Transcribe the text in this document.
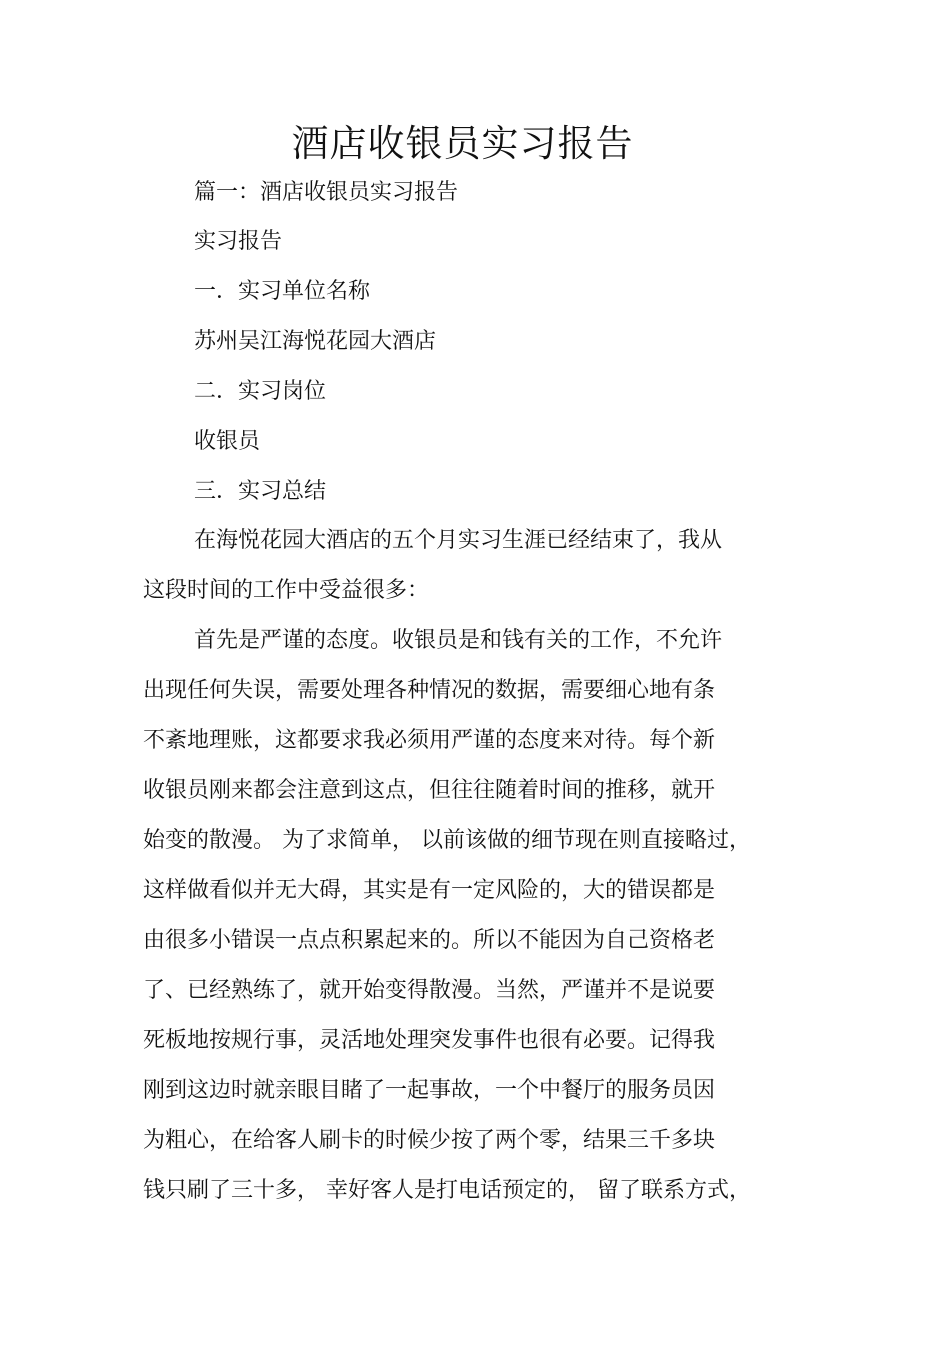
酒店收银员实习报告
篇一：酒店收银员实习报告
实习报告
一．实习单位名称
苏州吴江海悦花园大酒店
二．实习岗位
收银员
三．实习总结
在海悦花园大酒店的五个月实习生涯已经结束了，我从
这段时间的工作中受益很多：
首先是严谨的态度。收银员是和钱有关的工作，不允许
出现任何失误，需要处理各种情况的数据，需要细心地有条
不紊地理账，这都要求我必须用严谨的态度来对待。每个新
收银员刚来都会注意到这点，但往往随着时间的推移，就开
始变的散漫。 为了求简单， 以前该做的细节现在则直接略过，
这样做看似并无大碍，其实是有一定风险的，大的错误都是
由很多小错误一点点积累起来的。所以不能因为自己资格老
了、已经熟练了，就开始变得散漫。当然，严谨并不是说要
死板地按规行事，灵活地处理突发事件也很有必要。记得我
刚到这边时就亲眼目睹了一起事故，一个中餐厅的服务员因
为粗心，在给客人刷卡的时候少按了两个零，结果三千多块
钱只刷了三十多， 幸好客人是打电话预定的， 留了联系方式，
